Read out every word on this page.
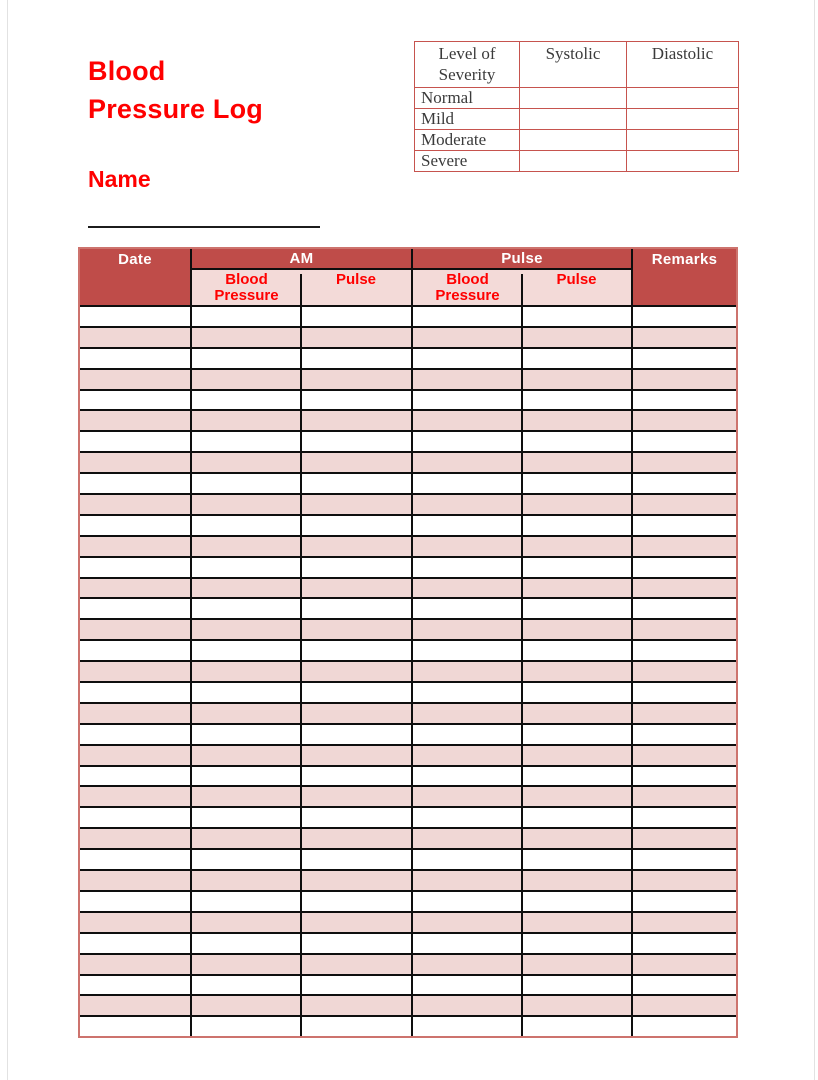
Blood
Pressure Log
Name
Level of Severity	Systolic	Diastolic
Normal		
Mild		
Moderate		
Severe		
Date	AM		Pulse		Remarks

	Blood Pressure	Pulse	Blood Pressure	Pulse	
